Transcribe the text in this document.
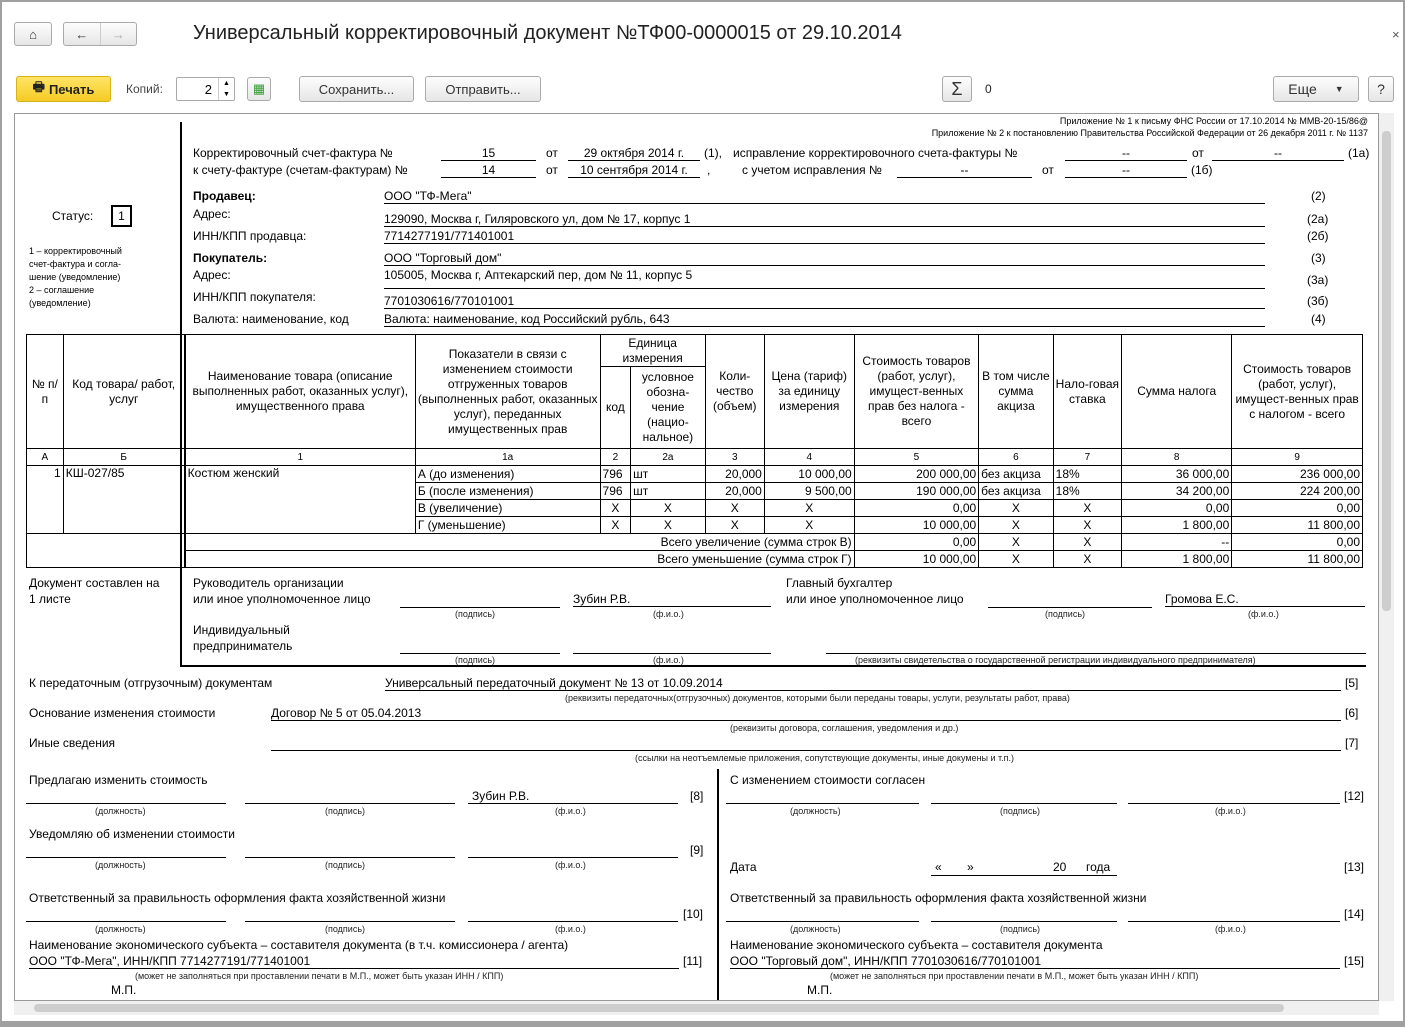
⌂	←	→	Универсальный корректировочный документ №ТФ00-0000015 от 29.10.2014	×
🖶 Печать	Копий:	2	▲
▼	▦	Сохранить...	Отправить...	Σ 0	Еще ▼	?
Приложение № 1 к письму ФНС России от 17.10.2014 № ММВ-20-15/86@
Приложение № 2 к постановлению Правительства Российской Федерации от 26 декабря 2011 г. № 1137
Статус:	1
1 – корректировочный
счет-фактура и согла-
шение (уведомление)
2 – соглашение
(уведомление)
Корректировочный счет-фактура №	15	от	29 октября 2014 г.	(1), исправление корректировочного счета-фактуры №	--	от	--	(1а)
к счету-фактуре (счетам-фактурам) №	14	от	10 сентября 2014 г.	,	с учетом исправления №	--	от	--	(1б)
Продавец:	ООО "ТФ-Мега"	(2)
Адрес:	129090, Москва г, Гиляровского ул, дом № 17, корпус 1	(2а)
ИНН/КПП продавца:	7714277191/771401001	(2б)
Покупатель:	ООО "Торговый дом"	(3)
Адрес:	105005, Москва г, Аптекарский пер, дом № 11, корпус 5	(3а)
ИНН/КПП покупателя:	7701030616/770101001	(3б)
Валюта: наименование, код	Валюта: наименование, код Российский рубль, 643	(4)
№ п/п	Код товара/ работ, услуг	Наименование товара (описание выполненных работ, оказанных услуг), имущественного права	Показатели в связи с изменением стоимости отгруженных товаров (выполненных работ, оказанных услуг), переданных имущественных прав	Единица измерения		Коли-чество (объем)	Цена (тариф) за единицу измерения	Стоимость товаров (работ, услуг), имущест-венных прав без налога - всего	В том числе сумма акциза	Нало-говая ставка	Сумма налога	Стоимость товаров (работ, услуг), имущест-венных прав с налогом - всего
				код	условное обозна-чение (нацио-нальное)							
А	Б	1	1а	2	2а	3	4	5	6	7	8	9
1	КШ-027/85	Костюм женский	А (до изменения)	796	шт	20,000	10 000,00	200 000,00	без акциза	18%	36 000,00	236 000,00
			Б (после изменения)	796	шт	20,000	9 500,00	190 000,00	без акциза	18%	34 200,00	224 200,00
			В (увеличение)	Х	Х	Х	Х	0,00	Х	Х	0,00	0,00
			Г (уменьшение)	Х	Х	Х	Х	10 000,00	Х	Х	1 800,00	11 800,00
		Всего увеличение (сумма строк В)						0,00	Х	Х	--	0,00
		Всего уменьшение (сумма строк Г)						10 000,00	Х	Х	1 800,00	11 800,00
Документ составлен на
1 листе
Руководитель организации
или иное уполномоченное лицо
(подпись)
Зубин Р.В.
(ф.и.о.)
Главный бухгалтер
или иное уполномоченное лицо
(подпись)
Громова Е.С.
(ф.и.о.)
Индивидуальный
предприниматель
(подпись)	(ф.и.о.)	(реквизиты свидетельства о государственной регистрации индивидуального предпринимателя)
К передаточным (отгрузочным) документам	Универсальный передаточный документ № 13 от 10.09.2014	[5]
(реквизиты передаточных(отгрузочных) документов, которыми были переданы товары, услуги, результаты работ, права)
Основание изменения стоимости	Договор № 5 от 05.04.2013	[6]
(реквизиты договора, соглашения, уведомления и др.)
Иные сведения	[7]
(ссылки на неотъемлемые приложения, сопутствующие документы, иные докумены и т.п.)
Предлагаю изменить стоимость
(должность)	(подпись)
Зубин Р.В.
(ф.и.о.)
[8]
Уведомляю об изменении стоимости
(должность)	(подпись)	(ф.и.о.)
[9]
Ответственный за правильность оформления факта хозяйственной жизни
(должность)	(подпись)	(ф.и.о.)
[10]
Наименование экономического субъекта – составителя документа (в т.ч. комиссионера / агента)
ООО "ТФ-Мега", ИНН/КПП 7714277191/771401001	[11]
(может не заполняться при проставлении печати в М.П., может быть указан ИНН / КПП)
М.П.
С изменением стоимости согласен
(должность)	(подпись)	(ф.и.о.)
[12]
Дата	« »	20 года	[13]
Ответственный за правильность оформления факта хозяйственной жизни
(должность)	(подпись)	(ф.и.о.)
[14]
Наименование экономического субъекта – составителя документа
ООО "Торговый дом", ИНН/КПП 7701030616/770101001	[15]
(может не заполняться при проставлении печати в М.П., может быть указан ИНН / КПП)
М.П.
